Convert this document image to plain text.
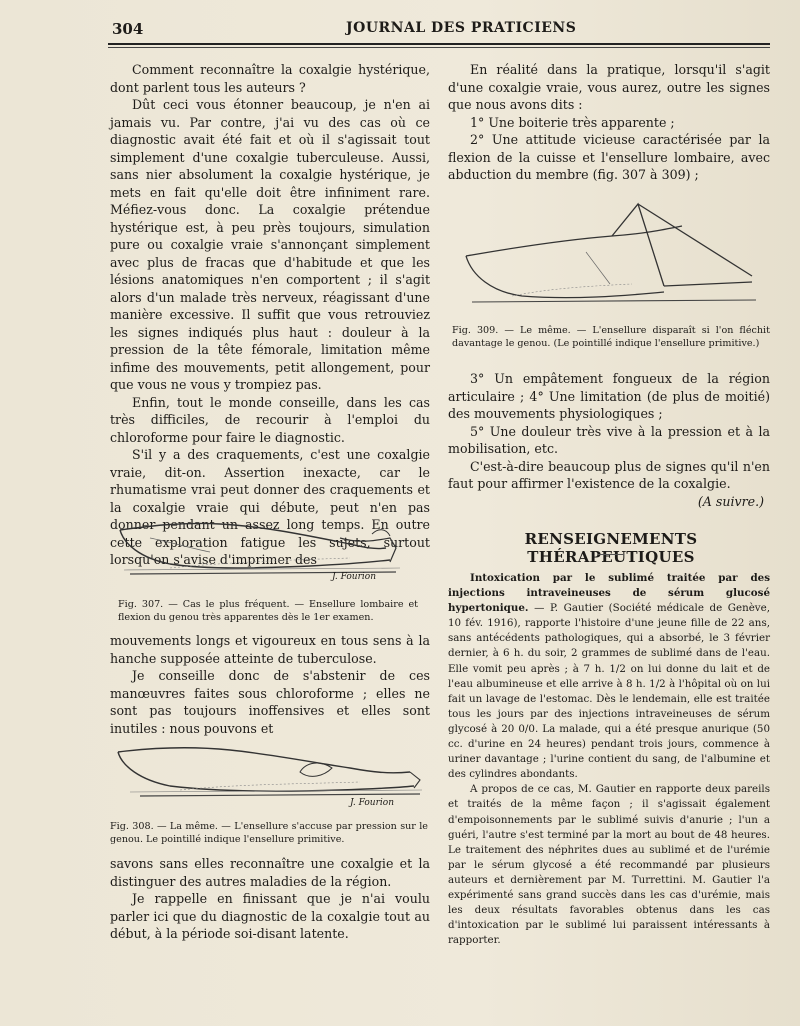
304	JOURNAL DES PRATICIENS

Comment reconnaître la coxalgie hystérique, dont parlent tous les auteurs ?

Dût ceci vous étonner beaucoup, je n'en ai jamais vu. Par contre, j'ai vu des cas où ce diagnostic avait été fait et où il s'agissait tout simplement d'une coxalgie tuberculeuse. Aussi, sans nier absolument la coxalgie hystérique, je mets en fait qu'elle doit être infiniment rare. Méfiez-vous donc. La coxalgie prétendue hystérique est, à peu près toujours, simulation pure ou coxalgie vraie s'annonçant simplement avec plus de fracas que d'habitude et que les lésions anatomiques n'en comportent ; il s'agit alors d'un malade très nerveux, réagissant d'une manière excessive. Il suffit que vous retrouviez les signes indiqués plus haut : douleur à la pression de la tête fémorale, limitation même infime des mouvements, petit allongement, pour que vous ne vous y trompiez pas.

Enfin, tout le monde conseille, dans les cas très difficiles, de recourir à l'emploi du chloroforme pour faire le diagnostic.

S'il y a des craquements, c'est une coxalgie vraie, dit-on. Assertion inexacte, car le rhumatisme vrai peut donner des craquements et la coxalgie vraie qui débute, peut n'en pas donner pendant un assez long temps. En outre cette exploration fatigue les sujets, surtout lorsqu'on s'avise d'imprimer des

J. Fourion
Fig. 307. — Cas le plus fréquent. — Ensellure lombaire et flexion du genou très apparentes dès le 1er examen.

mouvements longs et vigoureux en tous sens à la hanche supposée atteinte de tuberculose.

Je conseille donc de s'abstenir de ces manœuvres faites sous chloroforme ; elles ne sont pas toujours inoffensives et elles sont inutiles : nous pouvons et

J. Fourion
Fig. 308. — La même. — L'ensellure s'accuse par pression sur le genou. Le pointillé indique l'ensellure primitive.

savons sans elles reconnaître une coxalgie et la distinguer des autres maladies de la région.

Je rappelle en finissant que je n'ai voulu parler ici que du diagnostic de la coxalgie tout au début, à la période soi-disant latente.

En réalité dans la pratique, lorsqu'il s'agit d'une coxalgie vraie, vous aurez, outre les signes que nous avons dits :

1° Une boiterie très apparente ;

2° Une attitude vicieuse caractérisée par la flexion de la cuisse et l'ensellure lombaire, avec abduction du membre (fig. 307 à 309) ;

Fig. 309. — Le même. — L'ensellure disparaît si l'on fléchit davantage le genou. (Le pointillé indique l'ensellure primitive.)

3° Un empâtement fongueux de la région articulaire ; 4° Une limitation (de plus de moitié) des mouvements physiologiques ;

5° Une douleur très vive à la pression et à la mobilisation, etc.

C'est-à-dire beaucoup plus de signes qu'il n'en faut pour affirmer l'existence de la coxalgie.

(A suivre.)

RENSEIGNEMENTS THÉRAPEUTIQUES

Intoxication par le sublimé traitée par des injections intraveineuses de sérum glucosé hypertonique. — P. Gautier (Société médicale de Genève, 10 fév. 1916), rapporte l'histoire d'une jeune fille de 22 ans, sans antécédents pathologiques, qui a absorbé, le 3 février dernier, à 6 h. du soir, 2 grammes de sublimé dans de l'eau. Elle vomit peu après ; à 7 h. 1/2 on lui donne du lait et de l'eau albumineuse et elle arrive à 8 h. 1/2 à l'hôpital où on lui fait un lavage de l'estomac. Dès le lendemain, elle est traitée tous les jours par des injections intraveineuses de sérum glycosé à 20 0/0. La malade, qui a été presque anurique (50 cc. d'urine en 24 heures) pendant trois jours, commence à uriner davantage ; l'urine contient du sang, de l'albumine et des cylindres abondants.

A propos de ce cas, M. Gautier en rapporte deux pareils et traités de la même façon ; il s'agissait également d'empoisonnements par le sublimé suivis d'anurie ; l'un a guéri, l'autre s'est terminé par la mort au bout de 48 heures. Le traitement des néphrites dues au sublimé et de l'urémie par le sérum glycosé a été recommandé par plusieurs auteurs et dernièrement par M. Turrettini. M. Gautier l'a expérimenté sans grand succès dans les cas d'urémie, mais les deux résultats favorables obtenus dans les cas d'intoxication par le sublimé lui paraissent intéressants à rapporter.
